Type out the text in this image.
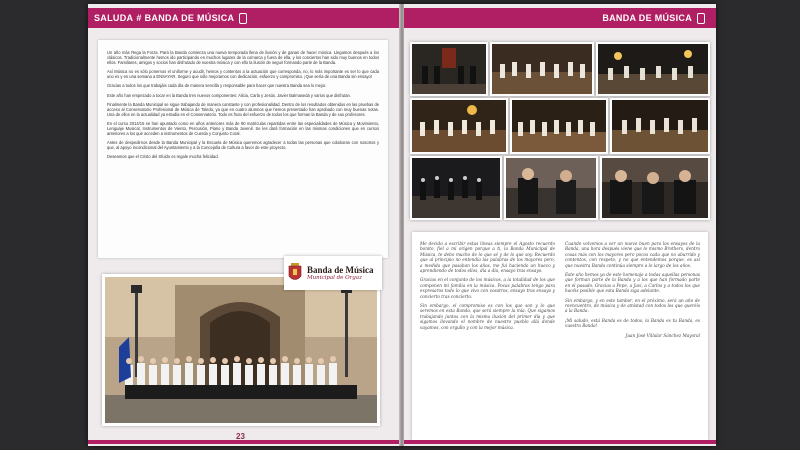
SALUDA # BANDA DE MÚSICA

Un año más Rega la Forza. Para la Banda comienza una nueva temporada llena de ilusión y de ganas de hacer música. Llegamos después a los clásicos. Tradicionalmente hemos ido participando en muchos lugares de la comarca y fuera de ella, y los conciertos han sido muy buenos en todos ellos. Familiares, amigos y socios han disfrutado de nuestra música y con ello la ilusión de seguir formando parte de la Banda.

Así Música no es sólo ponernos el uniforme y acudir, hemos y contentos a la actuación que corresponda, no, lo más importante es ser lo que cada uno es y en una semana a ENSAYAR. Seguro que sólo mejoramos con dedicación, esfuerzo y compromiso. ¡Que sería de una Banda sin ensayo!

Gracias a todos los que trabajáis cada día de manera sencilla y responsable para hacer que nuestra Banda sea lo mejor.

Este año han empezado a tocar en la Banda tres nuevos componentes: Alicia, Carla y Jesús. Javier Balmaseda y varios que disfrutan.

Finalmente la Banda Municipal se sigue trabajando de manera constante y con profesionalidad. Dentro de los resultados obtenidos en las pruebas de acceso al Conservatorio Profesional de Música de Toledo, ya que en cuatro alumnos que hemos presentado han aprobado con muy buenas notas. Una de ellos en la actualidad ya estudia en el Conservatorio. Todo es fruto del esfuerzo de todos los que forman la Banda y de sus profesores.

En el curso 2014/15 se han apuntado como en años anteriores más de 90 matrículas repartidas entre las especialidades de Música y Movimiento, Lenguaje Musical, Instrumentos de Viento, Percusión, Piano y Banda Juvenil. Se les dará formación en las mismas condiciones que en cursos anteriores a los que acceden a instrumentos de Cuerda y Conjunto Coral.

Antes de despedirnos desde la Banda Municipal y la Escuela de Música queremos agradecer a todas las personas que colaboran con nosotros y que, al apoyo incondicional del Ayuntamiento y a la Concejalía de Cultura a favor de este proyecto.

Deseamos que el Cristo del Sfuido os regale mucha felicidad.

Banda de Música
Municipal de Orgaz
23
BANDA DE MÚSICA

Me decido a escribir estas líneas siempre el Agosto recuerdo bonito, fiel a mi origen porque a ti, la Banda Municipal de Música, te debo mucho de lo que sé y de lo que soy. Recuerdo que al principio no entendía las palabras de los mayores pero, a medida que pasaban los años, me fui haciendo un hueco y aprendiendo de todos ellos, día a día, ensayo tras ensayo.

Gracias en el conjunto de los músicos, a la totalidad de los que componen mi familia en la música. Pocas palabras tengo para expresaros todo lo que vivo con vosotros, ensayo tras ensayo y concierto tras concierto.

Sin embargo, el compromiso es con los que son y lo que seremos en esta Banda, que será siempre la mía. Que sigamos trabajando juntos con la misma ilusión del primer día y que sigamos llevando el nombre de nuestro pueblo allá donde vayamos, con orgullo y con la mejor música.

Cuando volvemos a ver un nuevo buen para los ensayos de la Banda, una hora después viene que lo mismo Brothers, dentro cosas más con los mayores pero pocos cada que no aburrido y contentos, con respeto, y no que entendemos porque, es así que nuestra Banda continúa siempre a lo largo de los años.

Este año hemos ya de este homenaje a todas aquellas personas que forman parte de la Banda y a los que han formado parte en el pasado. Gracias a Pepe, a Javi, a Carlos y a todos los que hacéis posible que esta Banda siga adelante.

Sin embargo, y en este tambor, en el próximo, será un año de reencuentro, de música y de amistad con todos los que queréis a la Banda.

¡Mi saludo, está Banda es de todos, la Banda es tu Banda, es vuestra Banda!

Juan José Villalar Sánchez Mayoral
